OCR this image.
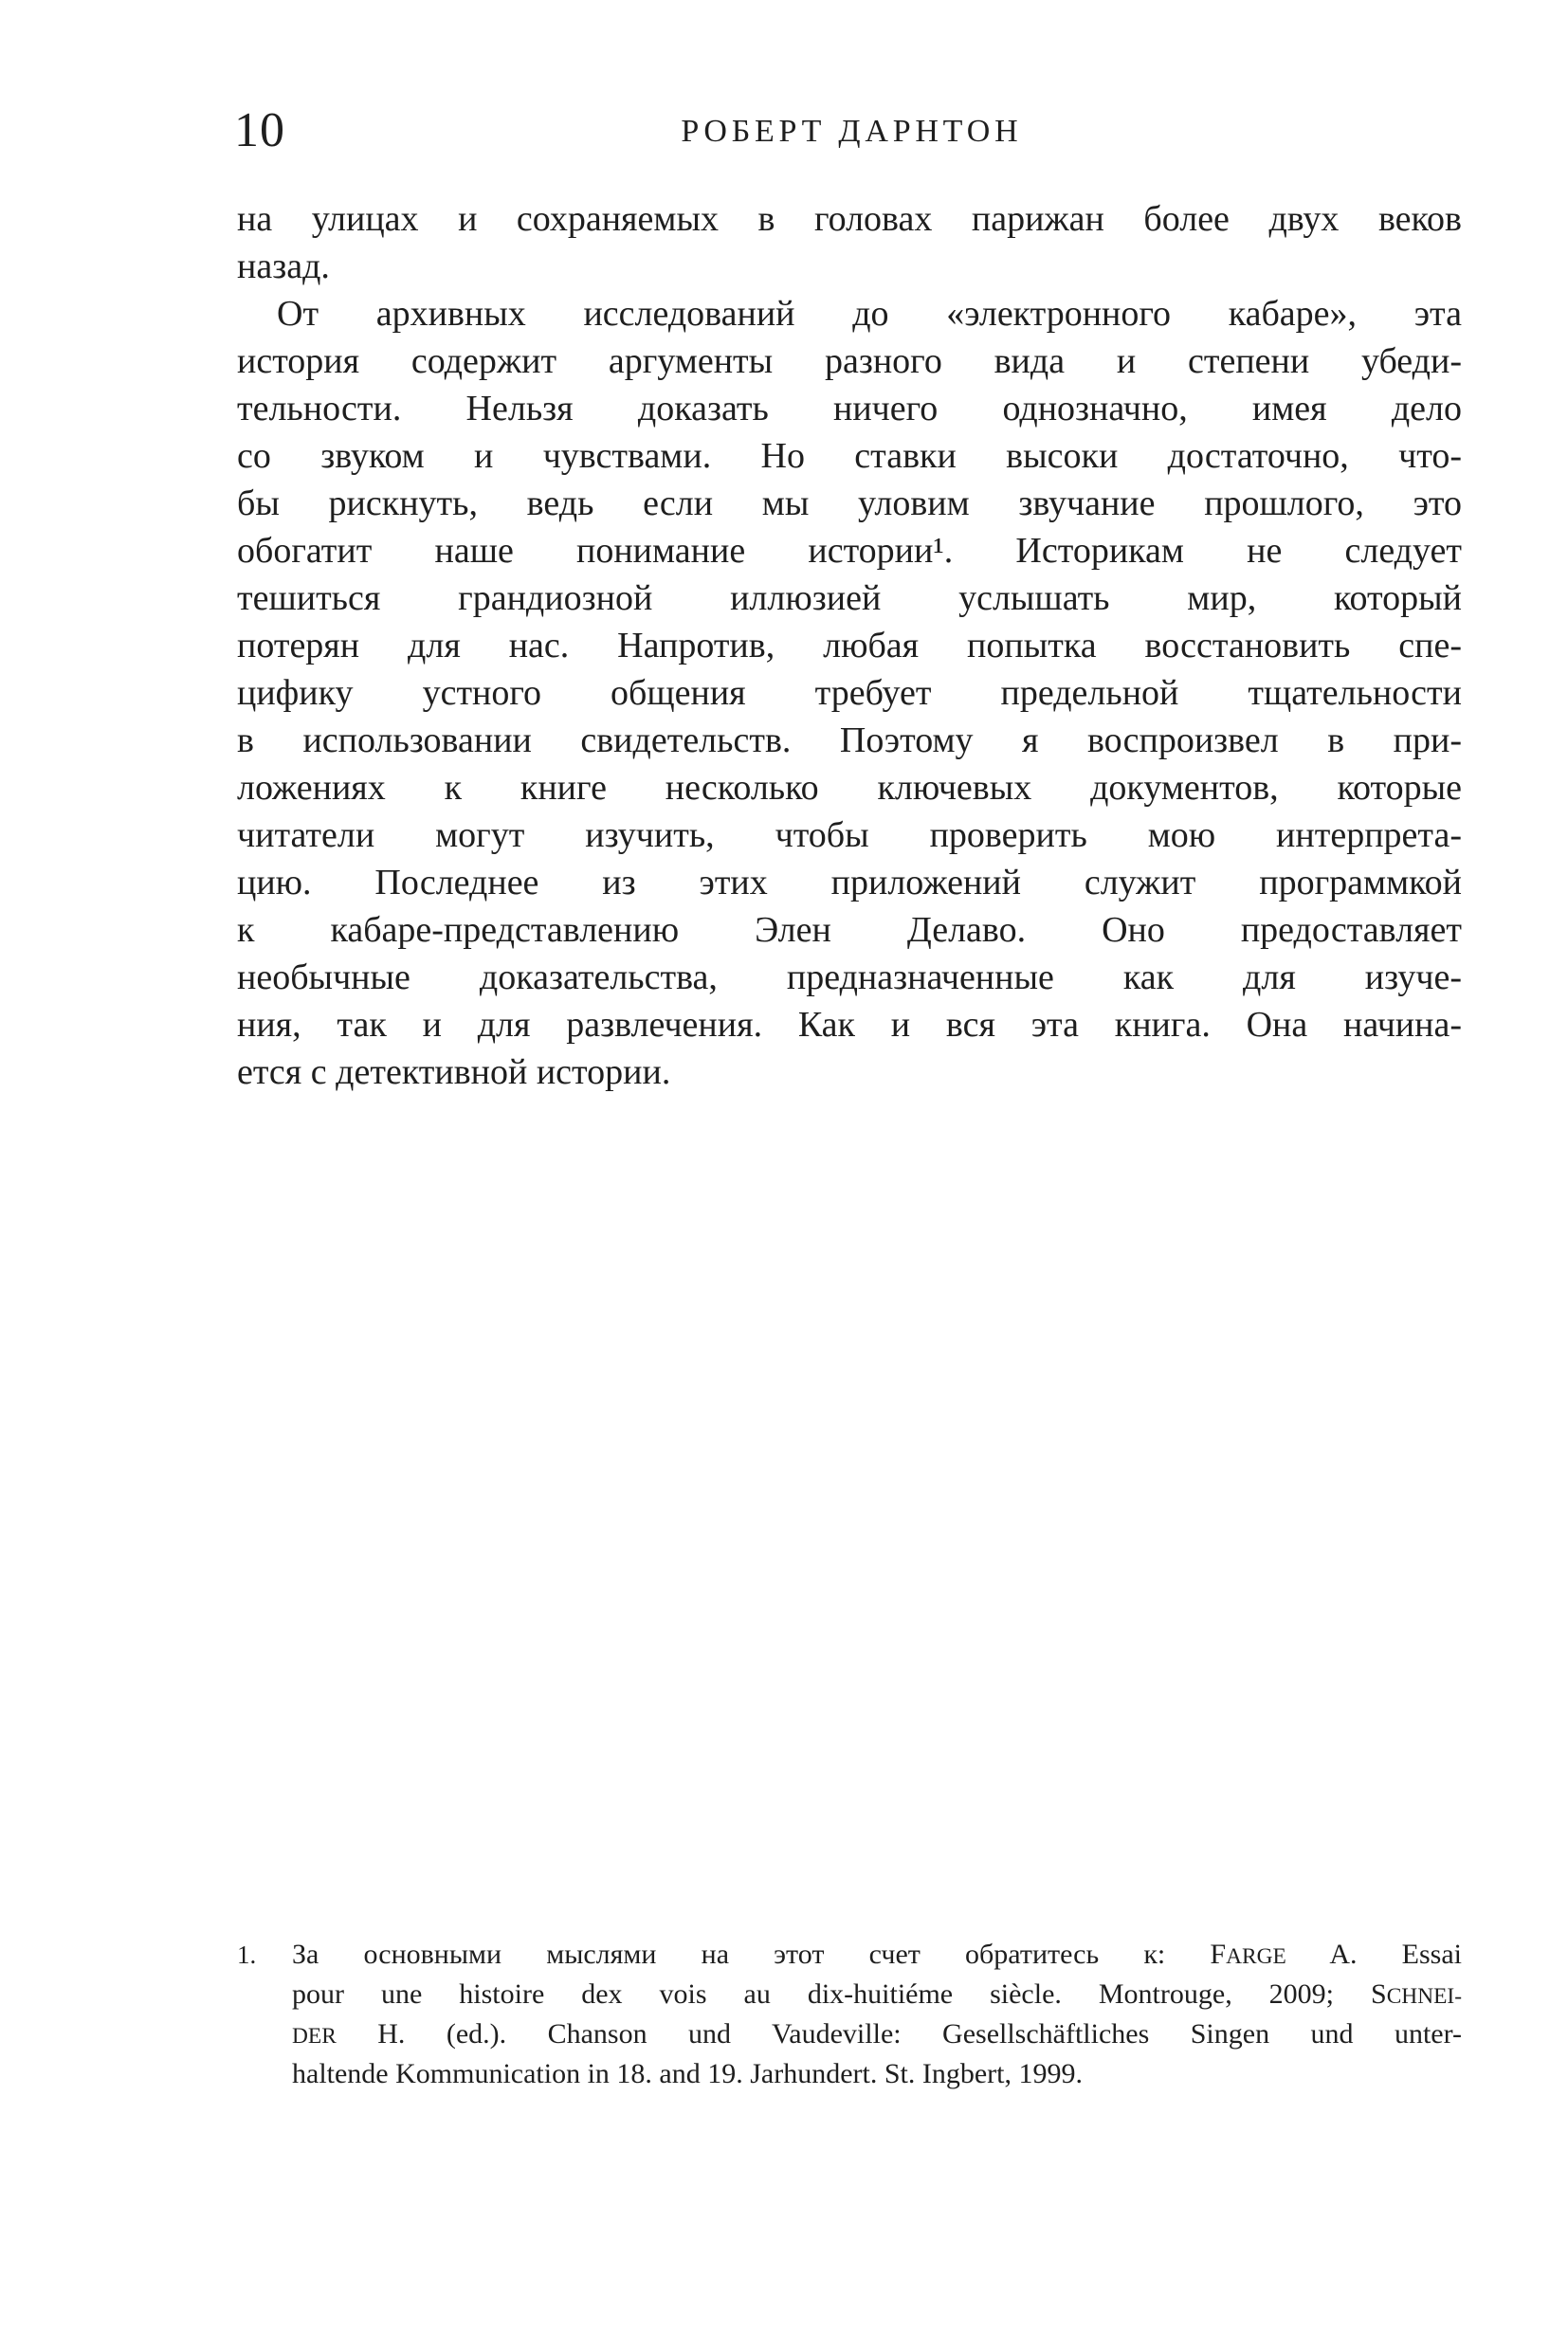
10	РОБЕРТ ДАРНТОН
на улицах и сохраняемых в головах парижан более двух веков
назад.
От архивных исследований до «электронного кабаре», эта
история содержит аргументы разного вида и степени убеди-
тельности. Нельзя доказать ничего однозначно, имея дело
со звуком и чувствами. Но ставки высоки достаточно, что-
бы рискнуть, ведь если мы уловим звучание прошлого, это
обогатит наше понимание истории¹. Историкам не следует
тешиться грандиозной иллюзией услышать мир, который
потерян для нас. Напротив, любая попытка восстановить спе-
цифику устного общения требует предельной тщательности
в использовании свидетельств. Поэтому я воспроизвел в при-
ложениях к книге несколько ключевых документов, которые
читатели могут изучить, чтобы проверить мою интерпрета-
цию. Последнее из этих приложений служит программкой
к кабаре-представлению Элен Делаво. Оно предоставляет
необычные доказательства, предназначенные как для изуче-
ния, так и для развлечения. Как и вся эта книга. Она начина-
ется с детективной истории.
1.	За основными мыслями на этот счет обратитесь к: FARGE A. Essai
pour une histoire dex vois au dix-huitiéme siècle. Montrouge, 2009; SCHNEI-
DER H. (ed.). Chanson und Vaudeville: Gesellschäftliches Singen und unter-
haltende Kommunication in 18. and 19. Jarhundert. St. Ingbert, 1999.
